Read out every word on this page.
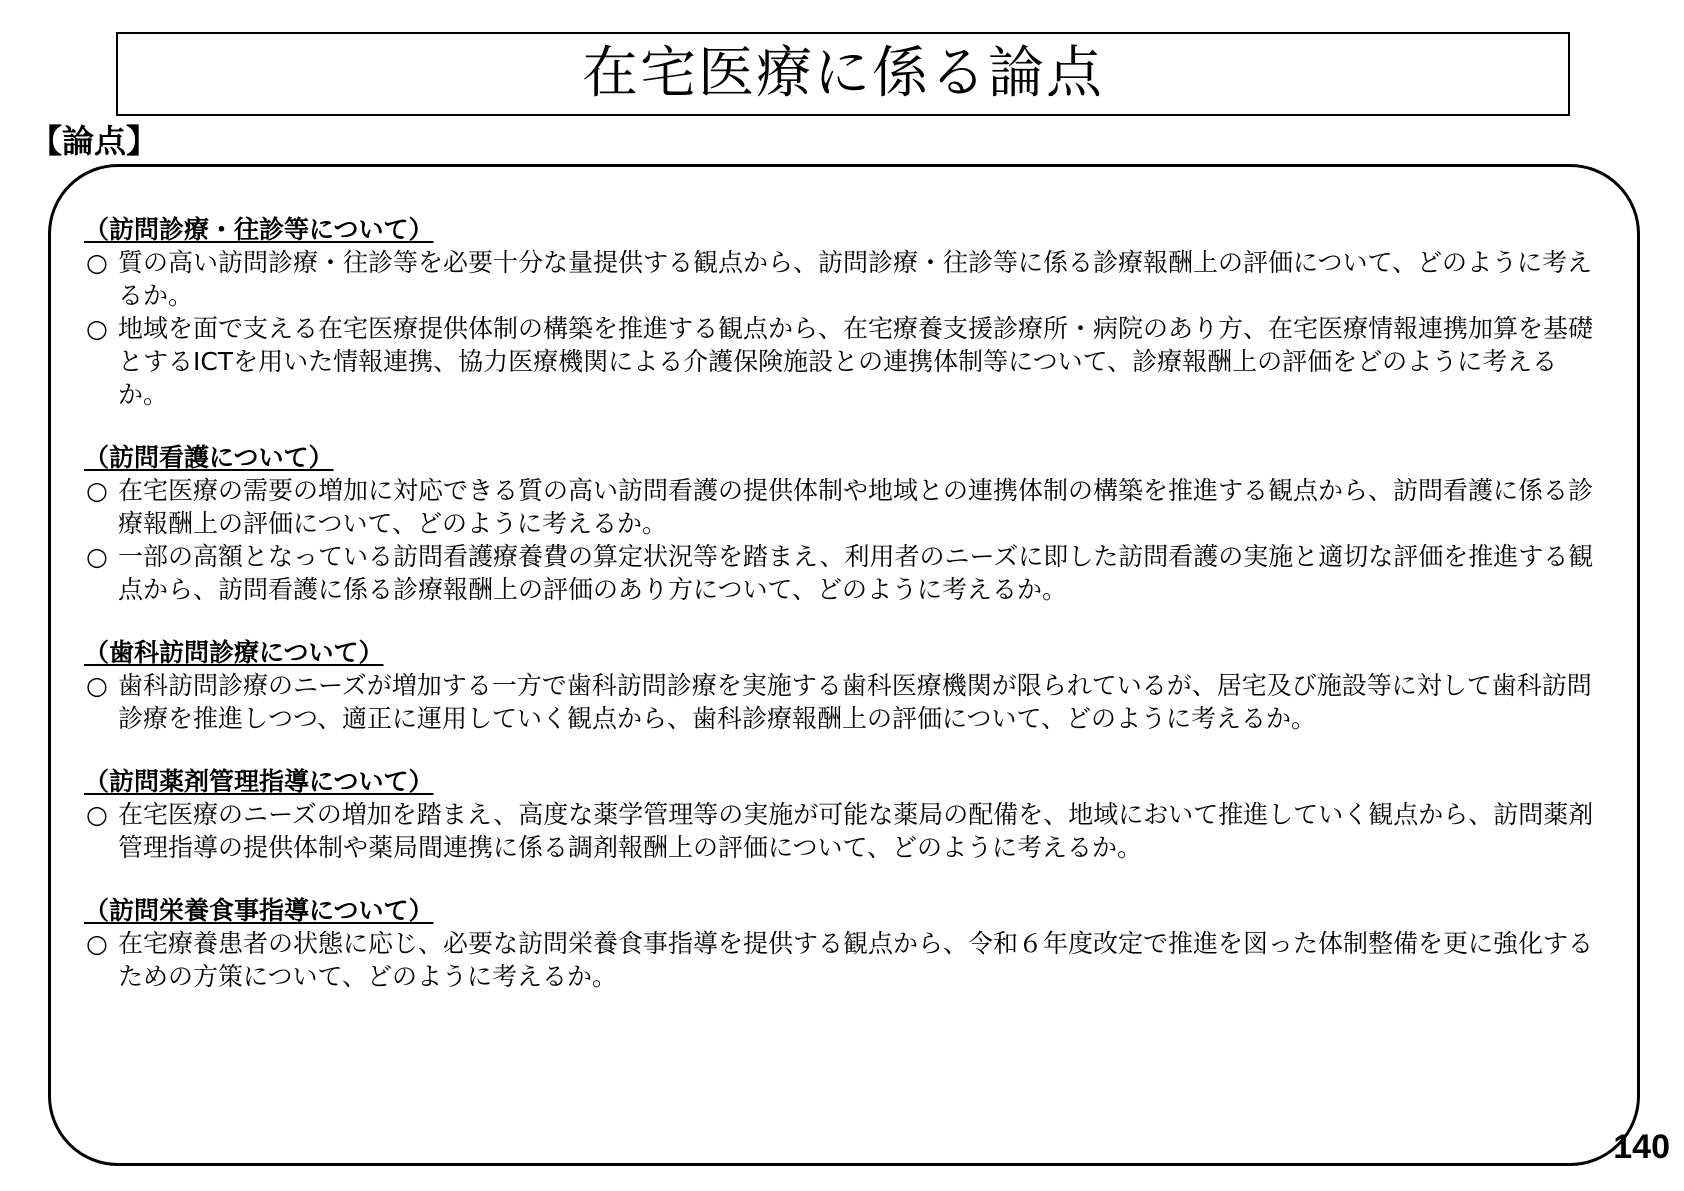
在宅医療に係る論点
【論点】
（訪問診療・往診等について）
○ 質の高い訪問診療・往診等を必要十分な量提供する観点から、訪問診療・往診等に係る診療報酬上の評価について、どのように考えるか。
○ 地域を面で支える在宅医療提供体制の構築を推進する観点から、在宅療養支援診療所・病院のあり方、在宅医療情報連携加算を基礎とするICTを用いた情報連携、協力医療機関による介護保険施設との連携体制等について、診療報酬上の評価をどのように考えるか。
（訪問看護について）
○ 在宅医療の需要の増加に対応できる質の高い訪問看護の提供体制や地域との連携体制の構築を推進する観点から、訪問看護に係る診療報酬上の評価について、どのように考えるか。
○ 一部の高額となっている訪問看護療養費の算定状況等を踏まえ、利用者のニーズに即した訪問看護の実施と適切な評価を推進する観点から、訪問看護に係る診療報酬上の評価のあり方について、どのように考えるか。
（歯科訪問診療について）
○ 歯科訪問診療のニーズが増加する一方で歯科訪問診療を実施する歯科医療機関が限られているが、居宅及び施設等に対して歯科訪問診療を推進しつつ、適正に運用していく観点から、歯科診療報酬上の評価について、どのように考えるか。
（訪問薬剤管理指導について）
○ 在宅医療のニーズの増加を踏まえ、高度な薬学管理等の実施が可能な薬局の配備を、地域において推進していく観点から、訪問薬剤管理指導の提供体制や薬局間連携に係る調剤報酬上の評価について、どのように考えるか。
（訪問栄養食事指導について）
○ 在宅療養患者の状態に応じ、必要な訪問栄養食事指導を提供する観点から、令和６年度改定で推進を図った体制整備を更に強化するための方策について、どのように考えるか。
140
